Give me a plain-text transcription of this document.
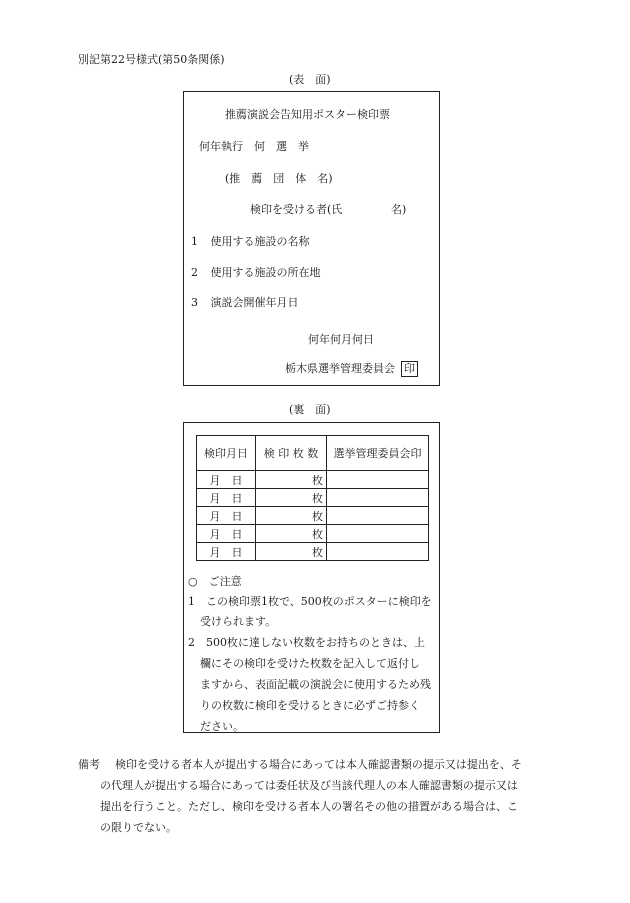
別記第22号様式(第50条関係)
(表　面)
推薦演説会告知用ポスター検印票
何年執行　何　選　挙
(推　薦　団　体　名)
検印を受ける者(氏	名)
1 使用する施設の名称
2 使用する施設の所在地
3 演説会開催年月日
何年何月何日
栃木県選挙管理委員会 印
(裏　面)
検印月日	検 印 枚 数	選挙管理委員会印
月　日	枚	
月　日	枚	
月　日	枚	
月　日	枚	
月　日	枚	
○　ご注意
1　この検印票1枚で、500枚のポスターに検印を
受けられます。
2　500枚に達しない枚数をお持ちのときは、上
欄にその検印を受けた枚数を記入して返付し
ますから、表面記載の演説会に使用するため残
りの枚数に検印を受けるときに必ずご持参く
ださい。
備考 検印を受ける者本人が提出する場合にあっては本人確認書類の提示又は提出を、そ
の代理人が提出する場合にあっては委任状及び当該代理人の本人確認書類の提示又は
提出を行うこと。ただし、検印を受ける者本人の署名その他の措置がある場合は、こ
の限りでない。
